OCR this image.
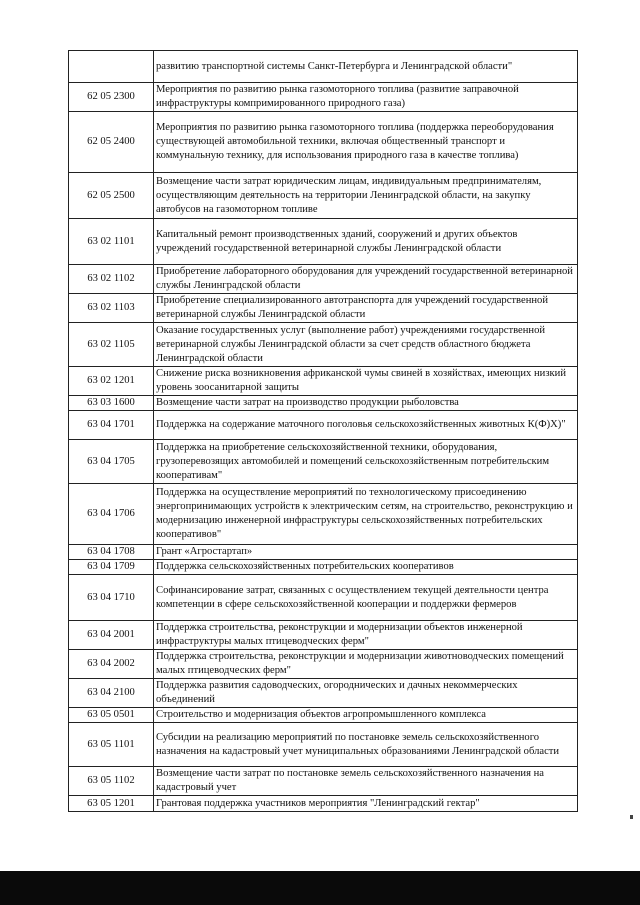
	развитию транспортной системы Санкт-Петербурга и Ленинградской области"
62 05 2300	Мероприятия по развитию рынка газомоторного топлива (развитие заправочной инфраструктуры компримированного природного газа)
62 05 2400	Мероприятия по развитию рынка газомоторного топлива (поддержка переоборудования существующей автомобильной техники, включая общественный транспорт и коммунальную технику, для использования природного газа в качестве топлива)
62 05 2500	Возмещение части затрат юридическим лицам, индивидуальным предпринимателям, осуществляющим деятельность на территории Ленинградской области, на закупку автобусов на газомоторном топливе
63 02 1101	Капитальный ремонт производственных зданий, сооружений и других объектов учреждений государственной ветеринарной службы Ленинградской области
63 02 1102	Приобретение лабораторного оборудования для учреждений государственной ветеринарной службы Ленинградской области
63 02 1103	Приобретение специализированного автотранспорта для учреждений государственной ветеринарной службы Ленинградской области
63 02 1105	Оказание государственных услуг (выполнение работ) учреждениями государственной ветеринарной службы Ленинградской области за счет средств областного бюджета Ленинградской области
63 02 1201	Снижение риска возникновения африканской чумы свиней в хозяйствах, имеющих низкий уровень зоосанитарной защиты
63 03 1600	Возмещение части затрат на производство продукции рыболовства
63 04 1701	Поддержка на содержание маточного поголовья сельскохозяйственных животных К(Ф)Х)"
63 04 1705	Поддержка на приобретение сельскохозяйственной техники, оборудования, грузоперевозящих автомобилей и помещений сельскохозяйственным потребительским кооперативам"
63 04 1706	Поддержка на осуществление мероприятий по технологическому присоединению энергопринимающих устройств к электрическим сетям, на строительство, реконструкцию и модернизацию инженерной инфраструктуры сельскохозяйственных потребительских кооперативов"
63 04 1708	Грант «Агростартап»
63 04 1709	Поддержка сельскохозяйственных потребительских кооперативов
63 04 1710	Софинансирование затрат, связанных с осуществлением текущей деятельности центра компетенции в сфере сельскохозяйственной кооперации и поддержки фермеров
63 04 2001	Поддержка строительства, реконструкции и модернизации объектов инженерной инфраструктуры малых птицеводческих ферм"
63 04 2002	Поддержка строительства, реконструкции и модернизации животноводческих помещений малых птицеводческих ферм"
63 04 2100	Поддержка развития садоводческих, огороднических и дачных некоммерческих объединений
63 05 0501	Строительство и модернизация объектов агропромышленного комплекса
63 05 1101	Субсидии на реализацию мероприятий по постановке земель сельскохозяйственного назначения на кадастровый учет муниципальных образованиями Ленинградской области
63 05 1102	Возмещение части затрат по постановке земель сельскохозяйственного назначения на кадастровый учет
63 05 1201	Грантовая поддержка участников мероприятия "Ленинградский гектар"
